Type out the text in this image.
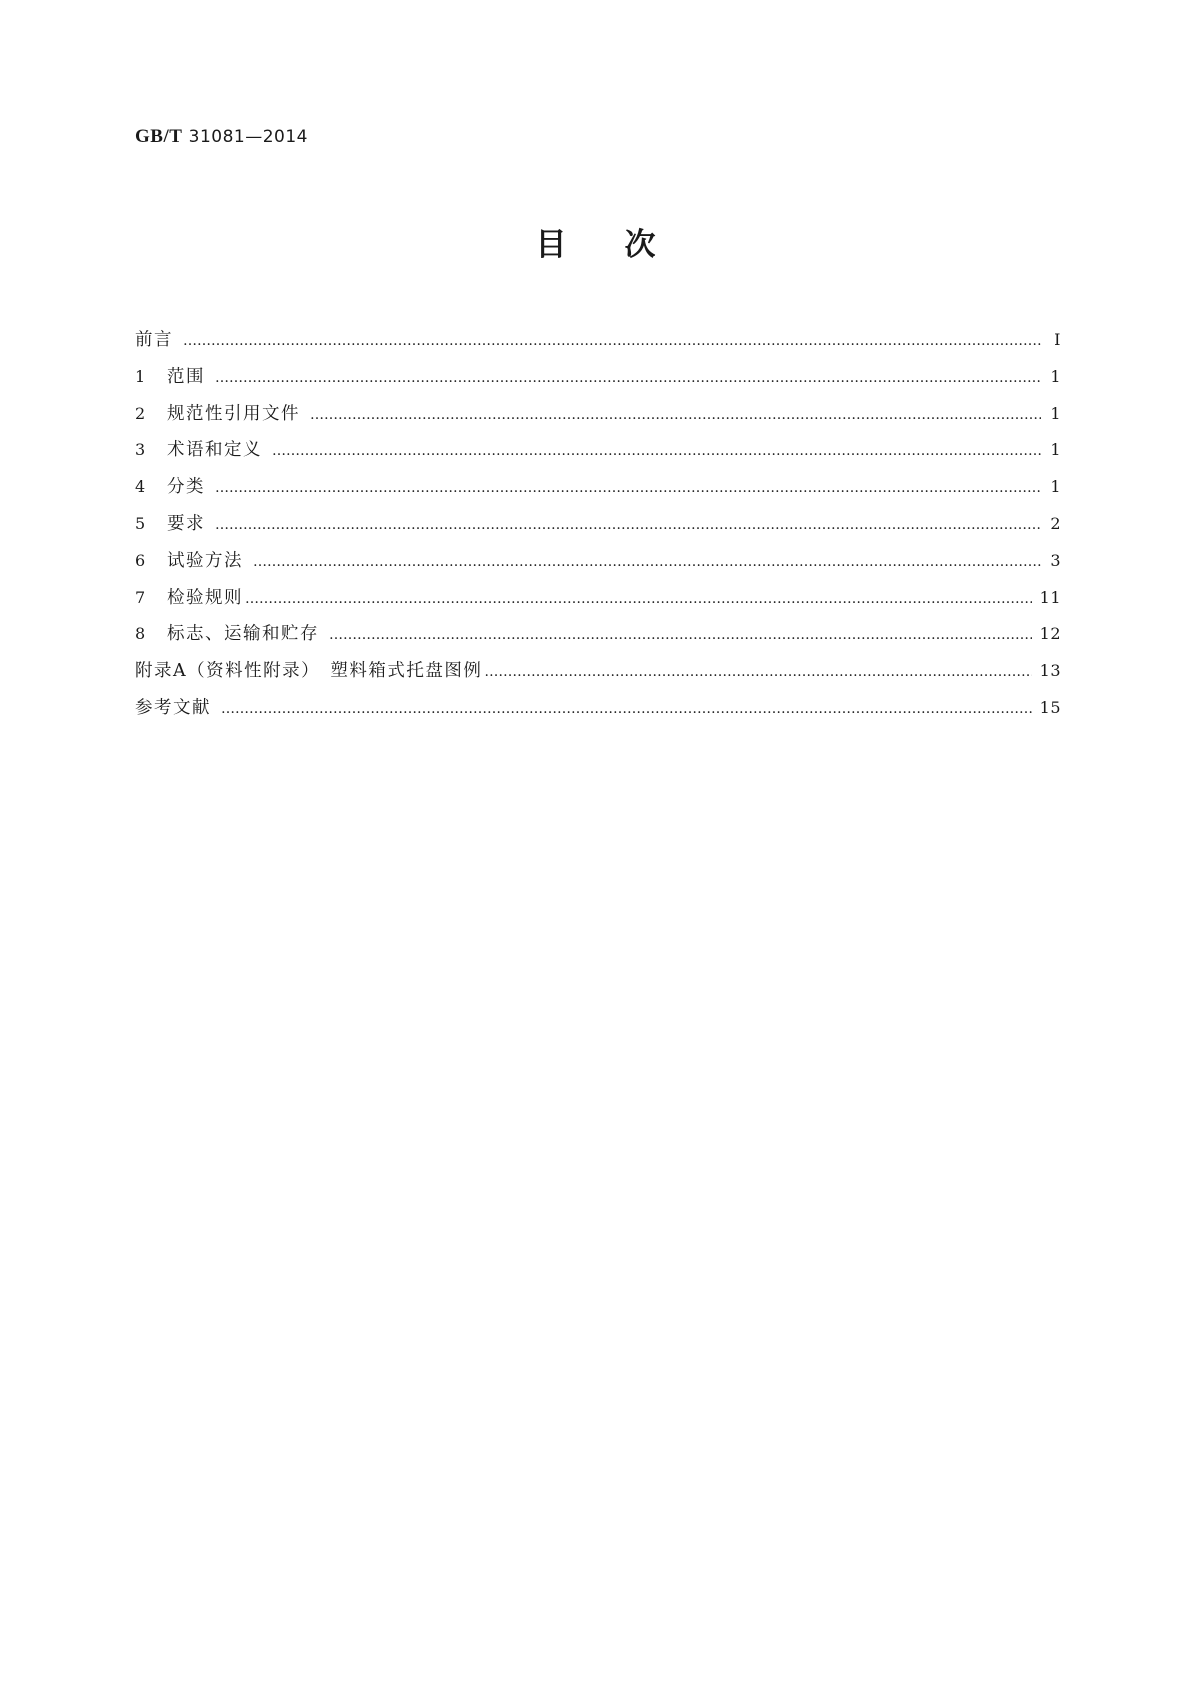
GB/T 31081—2014
目次
前言 …………………………………………………………………………………………………………………………………………………………………………………………………………………………………………………………………………	Ⅰ
1	范围 …………………………………………………………………………………………………………………………………………………………………………………………………………………………………………………………………………	1
2	规范性引用文件 …………………………………………………………………………………………………………………………………………………………………………………………………………………………………………………………………………	1
3	术语和定义 …………………………………………………………………………………………………………………………………………………………………………………………………………………………………………………………………………	1
4	分类 …………………………………………………………………………………………………………………………………………………………………………………………………………………………………………………………………………	1
5	要求 …………………………………………………………………………………………………………………………………………………………………………………………………………………………………………………………………………	2
6	试验方法 …………………………………………………………………………………………………………………………………………………………………………………………………………………………………………………………………………	3
7	检验规则 …………………………………………………………………………………………………………………………………………………………………………………………………………………………………………………………………………	11
8	标志、运输和贮存 …………………………………………………………………………………………………………………………………………………………………………………………………………………………………………………………………………	12
附录A（资料性附录）　塑料箱式托盘图例 …………………………………………………………………………………………………………………………………………………………………………………………………………………………………………………………………………	13
参考文献 …………………………………………………………………………………………………………………………………………………………………………………………………………………………………………………………………………	15
